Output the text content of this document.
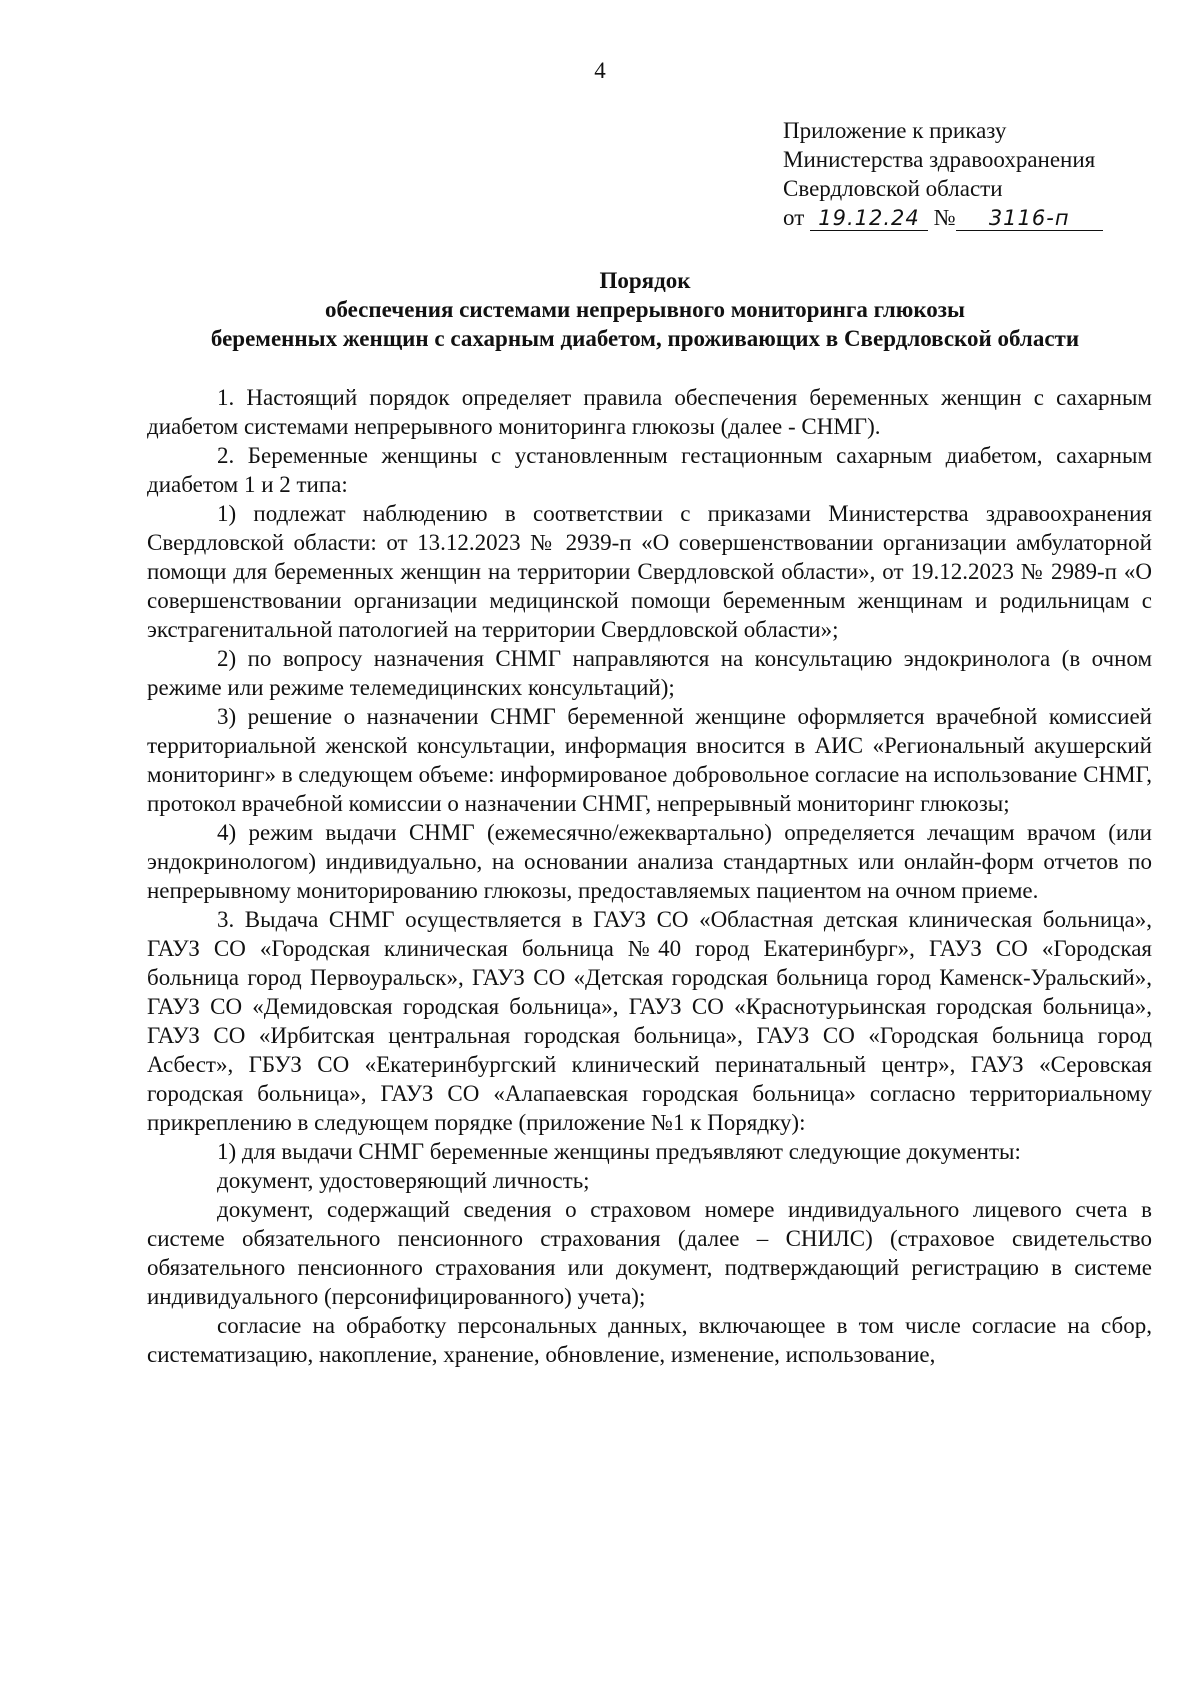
4
Приложение к приказу
Министерства здравоохранения
Свердловской области
от 19.12.24 № 3116-п
Порядок
обеспечения системами непрерывного мониторинга глюкозы
беременных женщин с сахарным диабетом, проживающих в Свердловской области

1. Настоящий порядок определяет правила обеспечения беременных женщин с сахарным диабетом системами непрерывного мониторинга глюкозы (далее - СНМГ).

2. Беременные женщины с установленным гестационным сахарным диабетом, сахарным диабетом 1 и 2 типа:

1) подлежат наблюдению в соответствии с приказами Министерства здравоохранения Свердловской области: от 13.12.2023 № 2939-п «О совершенствовании организации амбулаторной помощи для беременных женщин на территории Свердловской области», от 19.12.2023 № 2989-п «О совершенствовании организации медицинской помощи беременным женщинам и родильницам с экстрагенитальной патологией на территории Свердловской области»;

2) по вопросу назначения СНМГ направляются на консультацию эндокринолога (в очном режиме или режиме телемедицинских консультаций);

3) решение о назначении СНМГ беременной женщине оформляется врачебной комиссией территориальной женской консультации, информация вносится в АИС «Региональный акушерский мониторинг» в следующем объеме: информированое добровольное согласие на использование СНМГ, протокол врачебной комиссии о назначении СНМГ, непрерывный мониторинг глюкозы;

4) режим выдачи СНМГ (ежемесячно/ежеквартально) определяется лечащим врачом (или эндокринологом) индивидуально, на основании анализа стандартных или онлайн-форм отчетов по непрерывному мониторированию глюкозы, предоставляемых пациентом на очном приеме.

3. Выдача СНМГ осуществляется в ГАУЗ СО «Областная детская клиническая больница», ГАУЗ СО «Городская клиническая больница №40 город Екатеринбург», ГАУЗ СО «Городская больница город Первоуральск», ГАУЗ СО «Детская городская больница город Каменск-Уральский», ГАУЗ СО «Демидовская городская больница», ГАУЗ СО «Краснотурьинская городская больница», ГАУЗ СО «Ирбитская центральная городская больница», ГАУЗ СО «Городская больница город Асбест», ГБУЗ СО «Екатеринбургский клинический перинатальный центр», ГАУЗ «Серовская городская больница», ГАУЗ СО «Алапаевская городская больница» согласно территориальному прикреплению в следующем порядке (приложение №1 к Порядку):

1) для выдачи СНМГ беременные женщины предъявляют следующие документы:

документ, удостоверяющий личность;

документ, содержащий сведения о страховом номере индивидуального лицевого счета в системе обязательного пенсионного страхования (далее – СНИЛС) (страховое свидетельство обязательного пенсионного страхования или документ, подтверждающий регистрацию в системе индивидуального (персонифицированного) учета);

согласие на обработку персональных данных, включающее в том числе согласие на сбор, систематизацию, накопление, хранение, обновление, изменение, использование,
